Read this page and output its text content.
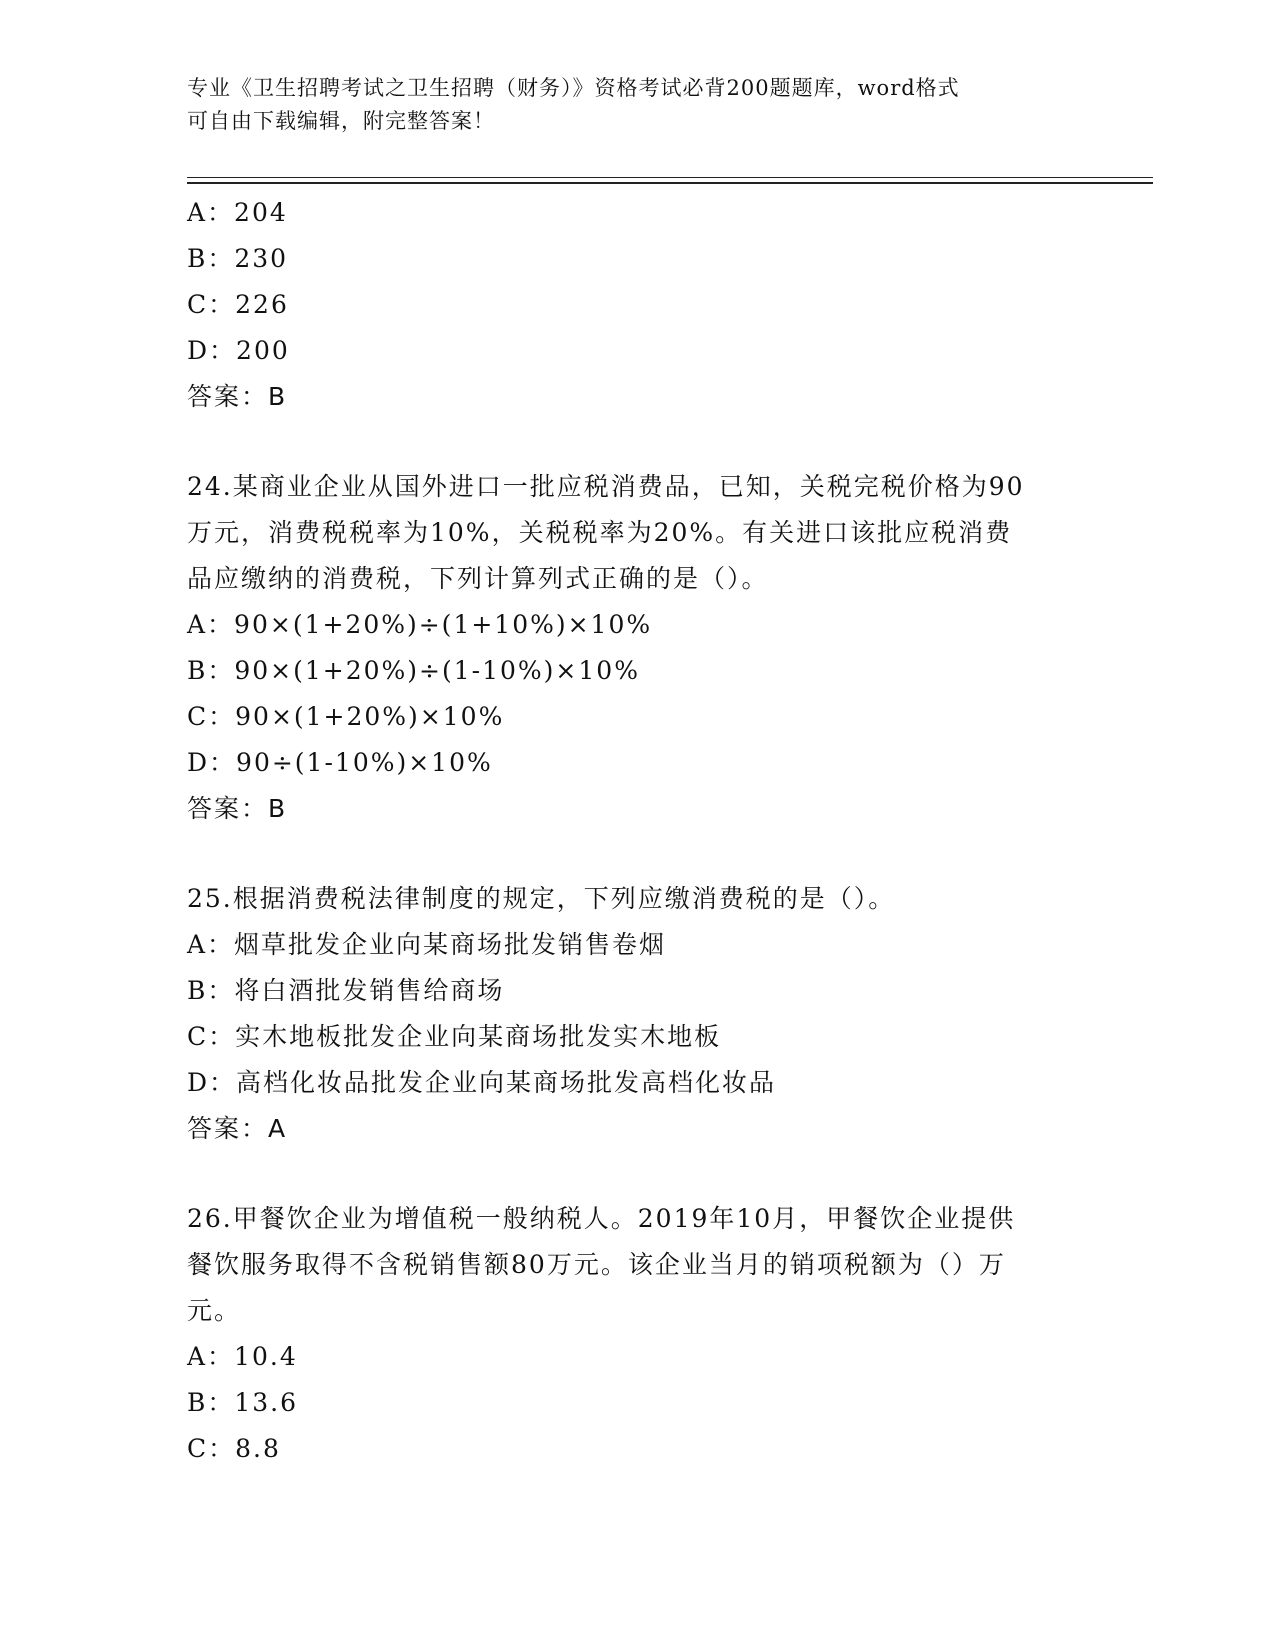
专业《卫生招聘考试之卫生招聘（财务）》资格考试必背200题题库，word格式
可自由下载编辑，附完整答案！
A：204
B：230
C：226
D：200
答案：B
24.某商业企业从国外进口一批应税消费品，已知，关税完税价格为90
万元，消费税税率为10%，关税税率为20%。有关进口该批应税消费
品应缴纳的消费税，下列计算列式正确的是（）。
A：90×(1+20%)÷(1+10%)×10%
B：90×(1+20%)÷(1-10%)×10%
C：90×(1+20%)×10%
D：90÷(1-10%)×10%
答案：B
25.根据消费税法律制度的规定，下列应缴消费税的是（）。
A：烟草批发企业向某商场批发销售卷烟
B：将白酒批发销售给商场
C：实木地板批发企业向某商场批发实木地板
D：高档化妆品批发企业向某商场批发高档化妆品
答案：A
26.甲餐饮企业为增值税一般纳税人。2019年10月，甲餐饮企业提供
餐饮服务取得不含税销售额80万元。该企业当月的销项税额为（）万
元。
A：10.4
B：13.6
C：8.8
